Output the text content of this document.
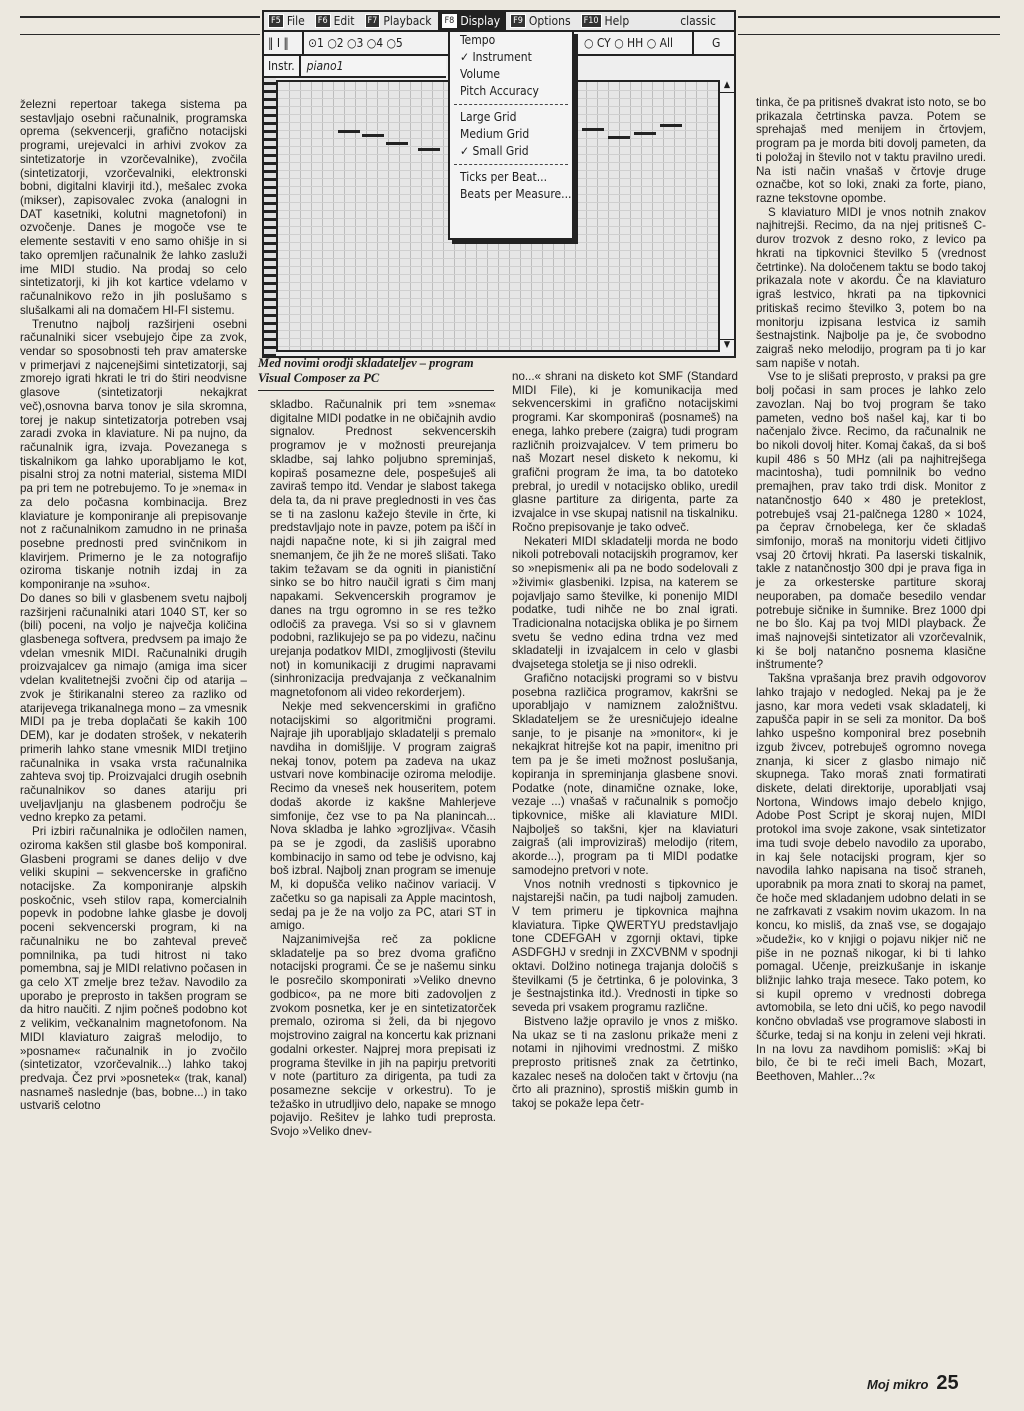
F5 File	F6 Edit	F7 Playback	F8 Display	F9 Options	F10 Help	classic
‖ I ‖	⊙1 ○2 ○3 ○4 ○5	○ CY ○ HH ○ All	G
Instr.	piano1
▲
▼
Tempo
✓ Instrument
Volume
Pitch Accuracy
Large Grid
Medium Grid
✓ Small Grid
Ticks per Beat...
Beats per Measure...
Med novimi orodji skladateljev – program Visual Composer za PC

železni repertoar takega sistema pa sestavljajo osebni računalnik, programska oprema (sekvencerji, grafično notacijski programi, urejevalci in arhivi zvokov za sintetizatorje in vzorčevalnike), zvočila (sintetizatorji, vzorčevalniki, elektronski bobni, digitalni klavirji itd.), mešalec zvoka (mikser), zapisovalec zvoka (analogni in DAT kasetniki, kolutni magnetofoni) in ozvočenje. Danes je mogoče vse te elemente sestaviti v eno samo ohišje in si tako opremljen računalnik že lahko zasluži ime MIDI studio. Na prodaj so celo sintetizatorji, ki jih kot kartice vdelamo v računalnikovo režo in jih poslušamo s slušalkami ali na domačem HI-FI sistemu.

Trenutno najbolj razširjeni osebni računalniki sicer vsebujejo čipe za zvok, vendar so sposobnosti teh prav amaterske v primerjavi z najcenejšimi sintetizatorji, saj zmorejo igrati hkrati le tri do štiri neodvisne glasove (sintetizatorji nekajkrat več),osnovna barva tonov je sila skromna, torej je nakup sintetizatorja potreben vsaj zaradi zvoka in klaviature. Ni pa nujno, da računalnik igra, izvaja. Povezanega s tiskalnikom ga lahko uporabljamo le kot, pisalni stroj za notni material, sistema MIDI pa pri tem ne potrebujemo. To je »nema« in za delo počasna kombinacija. Brez klaviature je komponiranje ali prepisovanje not z računalnikom zamudno in ne prinaša posebne prednosti pred svinčnikom in klavirjem. Primerno je le za notografijo oziroma tiskanje notnih izdaj in za komponiranje na »suho«.

Do danes so bili v glasbenem svetu najbolj razširjeni računalniki atari 1040 ST, ker so (bili) poceni, na voljo je največja količina glasbenega softvera, predvsem pa imajo že vdelan vmesnik MIDI. Računalniki drugih proizvajalcev ga nimajo (amiga ima sicer vdelan kvalitetnejši zvočni čip od atarija – zvok je štirikanalni stereo za razliko od atarijevega trikanalnega mono – za vmesnik MIDI pa je treba doplačati še kakih 100 DEM), kar je dodaten strošek, v nekaterih primerih lahko stane vmesnik MIDI tretjino računalnika in vsaka vrsta računalnika zahteva svoj tip. Proizvajalci drugih osebnih računalnikov so danes atariju pri uveljavljanju na glasbenem področju še vedno krepko za petami.

Pri izbiri računalnika je odločilen namen, oziroma kakšen stil glasbe boš komponiral. Glasbeni programi se danes delijo v dve veliki skupini – sekvencerske in grafično notacijske. Za komponiranje alpskih poskočnic, vseh stilov rapa, komercialnih popevk in podobne lahke glasbe je dovolj poceni sekvencerski program, ki na računalniku ne bo zahteval preveč pomnilnika, pa tudi hitrost ni tako pomembna, saj je MIDI relativno počasen in ga celo XT zmelje brez težav. Navodilo za uporabo je preprosto in takšen program se da hitro naučiti. Z njim počneš podobno kot z velikim, večkanalnim magnetofonom. Na MIDI klaviaturo zaigraš melodijo, to »posname« računalnik in jo zvočilo (sintetizator, vzorčevalnik...) lahko takoj predvaja. Čez prvi »posnetek« (trak, kanal) nasnameš naslednje (bas, bobne...) in tako ustvariš celotno

skladbo. Računalnik pri tem »snema« digitalne MIDI podatke in ne običajnih avdio signalov. Prednost sekvencerskih programov je v možnosti preurejanja skladbe, saj lahko poljubno spreminjaš, kopiraš posamezne dele, pospešuješ ali zaviraš tempo itd. Vendar je slabost takega dela ta, da ni prave preglednosti in ves čas se ti na zaslonu kažejo števile in črte, ki predstavljajo note in pavze, potem pa iščí in najdi napačne note, ki si jih zaigral med snemanjem, če jih že ne moreš slišati. Tako takim težavam se da ogniti in pianističní sinko se bo hitro naučil igrati s čim manj napakami. Sekvencerskih programov je danes na trgu ogromno in se res težko odločiš za pravega. Vsi so si v glavnem podobni, razlikujejo se pa po videzu, načinu urejanja podatkov MIDI, zmogljivosti (številu not) in komunikaciji z drugimi napravami (sinhronizacija predvajanja z večkanalnim magnetofonom ali video rekorderjem).

Nekje med sekvencerskimi in grafično notacijskimi so algoritmični programi. Najraje jih uporabljajo skladatelji s premalo navdiha in domišljije. V program zaigraš nekaj tonov, potem pa zadeva na ukaz ustvari nove kombinacije oziroma melodije. Recimo da vneseš nek houseritem, potem dodaš akorde iz kakšne Mahlerjeve simfonije, čez vse to pa Na planincah... Nova skladba je lahko »grozljiva«. Včasih pa se je zgodi, da zaslišiš uporabno kombinacijo in samo od tebe je odvisno, kaj boš izbral. Najbolj znan program se imenuje M, ki dopušča veliko načinov variacij. V začetku so ga napisali za Apple macintosh, sedaj pa je že na voljo za PC, atari ST in amigo.

Najzanimivejša reč za poklicne skladatelje pa so brez dvoma grafično notacijski programi. Če se je našemu sinku le posrečilo skomponirati »Veliko dnevno godbico«, pa ne more biti zadovoljen z zvokom posnetka, ker je en sintetizatorček premalo, oziroma si želi, da bi njegovo mojstrovino zaigral na koncertu kak priznani godalni orkester. Najprej mora prepisati iz programa številke in jih na papirju pretvoriti v note (partituro za dirigenta, pa tudi za posamezne sekcije v orkestru). To je težaško in utrudljivo delo, napake se mnogo pojavijo. Rešitev je lahko tudi preprosta. Svojo »Veliko dnev-

no...« shrani na disketo kot SMF (Standard MIDI File), ki je komunikacija med sekvencerskimi in grafično notacijskimi programi. Kar skomponiraš (posnameš) na enega, lahko prebere (zaigra) tudi program različnih proizvajalcev. V tem primeru bo naš Mozart nesel disketo k nekomu, ki grafični program že ima, ta bo datoteko prebral, jo uredil v notacijsko obliko, uredil glasne partiture za dirigenta, parte za izvajalce in vse skupaj natisnil na tiskalniku. Ročno prepisovanje je tako odveč.

Nekateri MIDI skladatelji morda ne bodo nikoli potrebovali notacijskih programov, ker so »nepismeni« ali pa ne bodo sodelovali z »živimi« glasbeniki. Izpisa, na katerem se pojavljajo samo številke, ki ponenijo MIDI podatke, tudi nihče ne bo znal igrati. Tradicionalna notacijska oblika je po širnem svetu še vedno edina trdna vez med skladatelji in izvajalcem in celo v glasbi dvajsetega stoletja se ji niso odrekli.

Grafično notacijski programi so v bistvu posebna različica programov, kakršni se uporabljajo v namiznem založništvu. Skladateljem se že uresničujejo idealne sanje, to je pisanje na »monitor«, ki je nekajkrat hitrejše kot na papir, imenitno pri tem pa je še imeti možnost poslušanja, kopiranja in spreminjanja glasbene snovi. Podatke (note, dinamične oznake, loke, vezaje ...) vnašaš v računalnik s pomočjo tipkovnice, miške ali klaviature MIDI. Najbolješ so takšni, kjer na klaviaturi zaigraš (ali improviziraš) melodijo (ritem, akorde...), program pa ti MIDI podatke samodejno pretvori v note.

Vnos notnih vrednosti s tipkovnico je najstarejši način, pa tudi najbolj zamuden. V tem primeru je tipkovnica majhna klaviatura. Tipke QWERTYU predstavljajo tone CDEFGAH v zgornji oktavi, tipke ASDFGHJ v srednji in ZXCVBNM v spodnji oktavi. Dolžino notinega trajanja določiš s številkami (5 je četrtinka, 6 je polovinka, 3 je šestnajstinka itd.). Vrednosti in tipke so seveda pri vsakem programu različne.

Bistveno lažje opravilo je vnos z miško. Na ukaz se ti na zaslonu prikaže meni z notami in njihovimi vrednostmi. Z miško preprosto pritisneš znak za četrtinko, kazalec neseš na določen takt v črtovju (na črto ali praznino), sprostiš miškin gumb in takoj se pokaže lepa četr-

tinka, če pa pritisneš dvakrat isto noto, se bo prikazala četrtinska pavza. Potem se sprehajaš med menijem in črtovjem, program pa je morda biti dovolj pameten, da ti položaj in število not v taktu pravilno uredi. Na isti način vnašaš v črtovje druge označbe, kot so loki, znaki za forte, piano, razne tekstovne opombe.

S klaviaturo MIDI je vnos notnih znakov najhitrejši. Recimo, da na njej pritisneš C-durov trozvok z desno roko, z levico pa hkrati na tipkovnici številko 5 (vrednost četrtinke). Na določenem taktu se bodo takoj prikazala note v akordu. Če na klaviaturo igraš lestvico, hkrati pa na tipkovnici pritiskaš recimo številko 3, potem bo na monitorju izpisana lestvica iz samih šestnajstink. Najbolje pa je, če svobodno zaigraš neko melodijo, program pa ti jo kar sam napiše v notah.

Vse to je slišati preprosto, v praksi pa gre bolj počasi in sam proces je lahko zelo zavozlan. Naj bo tvoj program še tako pameten, vedno boš našel kaj, kar ti bo načenjalo živce. Recimo, da računalnik ne bo nikoli dovolj hiter. Komaj čakaš, da si boš kupil 486 s 50 MHz (ali pa najhitrejšega macintosha), tudi pomnilnik bo vedno premajhen, prav tako trdi disk. Monitor z natančnostjo 640 × 480 je preteklost, potrebuješ vsaj 21-palčnega 1280 × 1024, pa čeprav črnobelega, ker če skladaš simfonijo, moraš na monitorju videti čitljivo vsaj 20 črtovij hkrati. Pa laserski tiskalnik, takle z natančnostjo 300 dpi je prava figa in je za orkesterske partiture skoraj neuporaben, pa domače besedilo vendar potrebuje sičnike in šumnike. Brez 1000 dpi ne bo šlo. Kaj pa tvoj MIDI playback. Že imaš najnovejši sintetizator ali vzorčevalnik, ki še bolj natančno posnema klasične inštrumente?

Takšna vprašanja brez pravih odgovorov lahko trajajo v nedogled. Nekaj pa je že jasno, kar mora vedeti vsak skladatelj, ki zapušča papir in se seli za monitor. Da boš lahko uspešno komponiral brez posebnih izgub živcev, potrebuješ ogromno novega znanja, ki sicer z glasbo nimajo nič skupnega. Tako moraš znati formatirati diskete, delati direktorije, uporabljati vsaj Nortona, Windows imajo debelo knjigo, Adobe Post Script je skoraj nujen, MIDI protokol ima svoje zakone, vsak sintetizator ima tudi svoje debelo navodilo za uporabo, in kaj šele notacijski program, kjer so navodila lahko napisana na tisoč straneh, uporabnik pa mora znati to skoraj na pamet, če hoče med skladanjem udobno delati in se ne zafrkavati z vsakim novim ukazom. In na koncu, ko misliš, da znaš vse, se dogajajo »čudeži«, ko v knjigi o pojavu nikjer nič ne piše in ne poznaš nikogar, ki bi ti lahko pomagal. Učenje, preizkušanje in iskanje bližnjic lahko traja mesece. Tako potem, ko si kupil opremo v vrednosti dobrega avtomobila, se leto dni učiš, ko pego navodil končno obvladaš vse programove slabosti in ščurke, tedaj si na konju in zeleni veji hkrati. In na lovu za navdihom pomisliš: »Kaj bi bilo, če bi te reči imeli Bach, Mozart, Beethoven, Mahler...?«

Moj mikro 25
